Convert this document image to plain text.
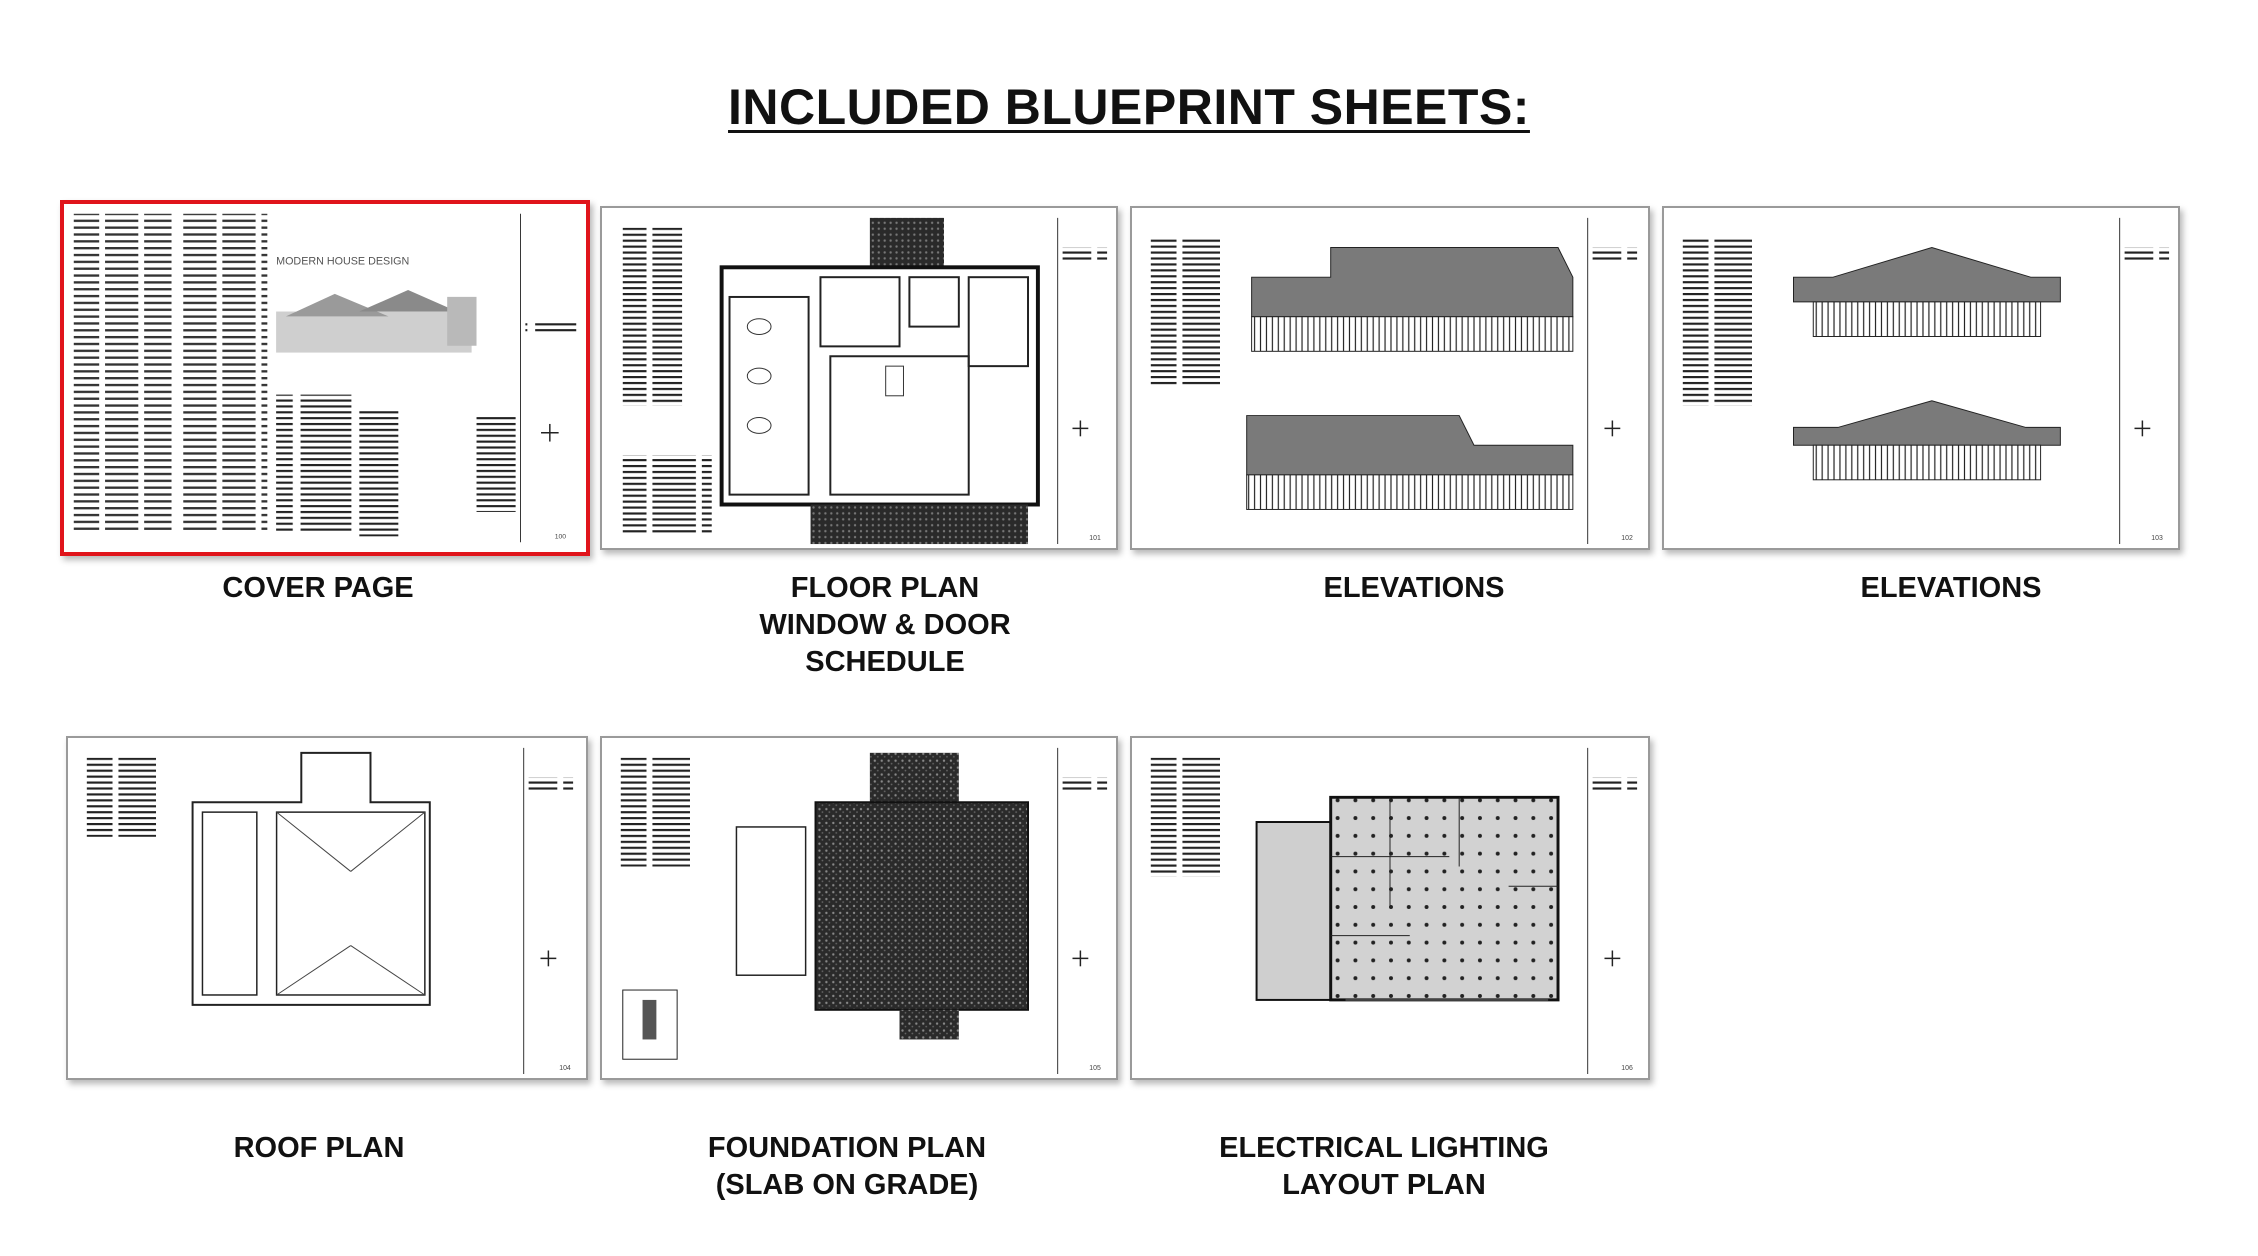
INCLUDED BLUEPRINT SHEETS:
MODERN HOUSE DESIGN
100
COVER PAGE
101
FLOOR PLAN
WINDOW & DOOR
SCHEDULE
102
ELEVATIONS
103
ELEVATIONS
104
ROOF PLAN
105
FOUNDATION PLAN
(SLAB ON GRADE)
106
ELECTRICAL LIGHTING
LAYOUT PLAN
